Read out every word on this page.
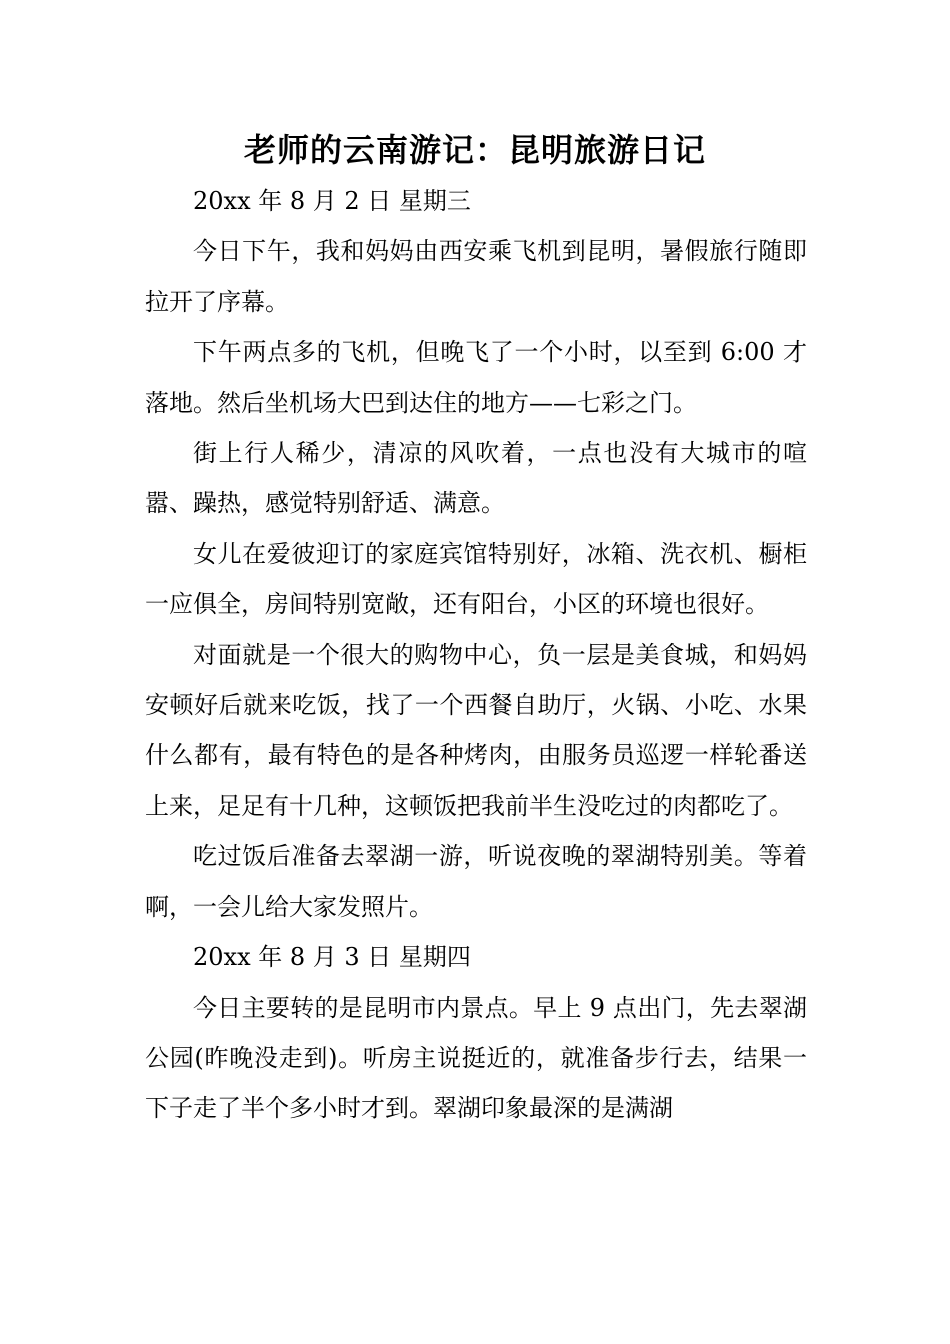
老师的云南游记：昆明旅游日记

20xx 年 8 月 2 日 星期三

今日下午，我和妈妈由西安乘飞机到昆明，暑假旅行随即拉开了序幕。

下午两点多的飞机，但晚飞了一个小时，以至到 6:00 才落地。然后坐机场大巴到达住的地方——七彩之门。

街上行人稀少，清凉的风吹着，一点也没有大城市的喧嚣、躁热，感觉特别舒适、满意。

女儿在爱彼迎订的家庭宾馆特别好，冰箱、洗衣机、橱柜一应俱全，房间特别宽敞，还有阳台，小区的环境也很好。

对面就是一个很大的购物中心，负一层是美食城，和妈妈安顿好后就来吃饭，找了一个西餐自助厅，火锅、小吃、水果什么都有，最有特色的是各种烤肉，由服务员巡逻一样轮番送上来，足足有十几种，这顿饭把我前半生没吃过的肉都吃了。

吃过饭后准备去翠湖一游，听说夜晚的翠湖特别美。等着啊，一会儿给大家发照片。

20xx 年 8 月 3 日 星期四

今日主要转的是昆明市内景点。早上 9 点出门，先去翠湖公园(昨晚没走到)。听房主说挺近的，就准备步行去，结果一下子走了半个多小时才到。翠湖印象最深的是满湖
